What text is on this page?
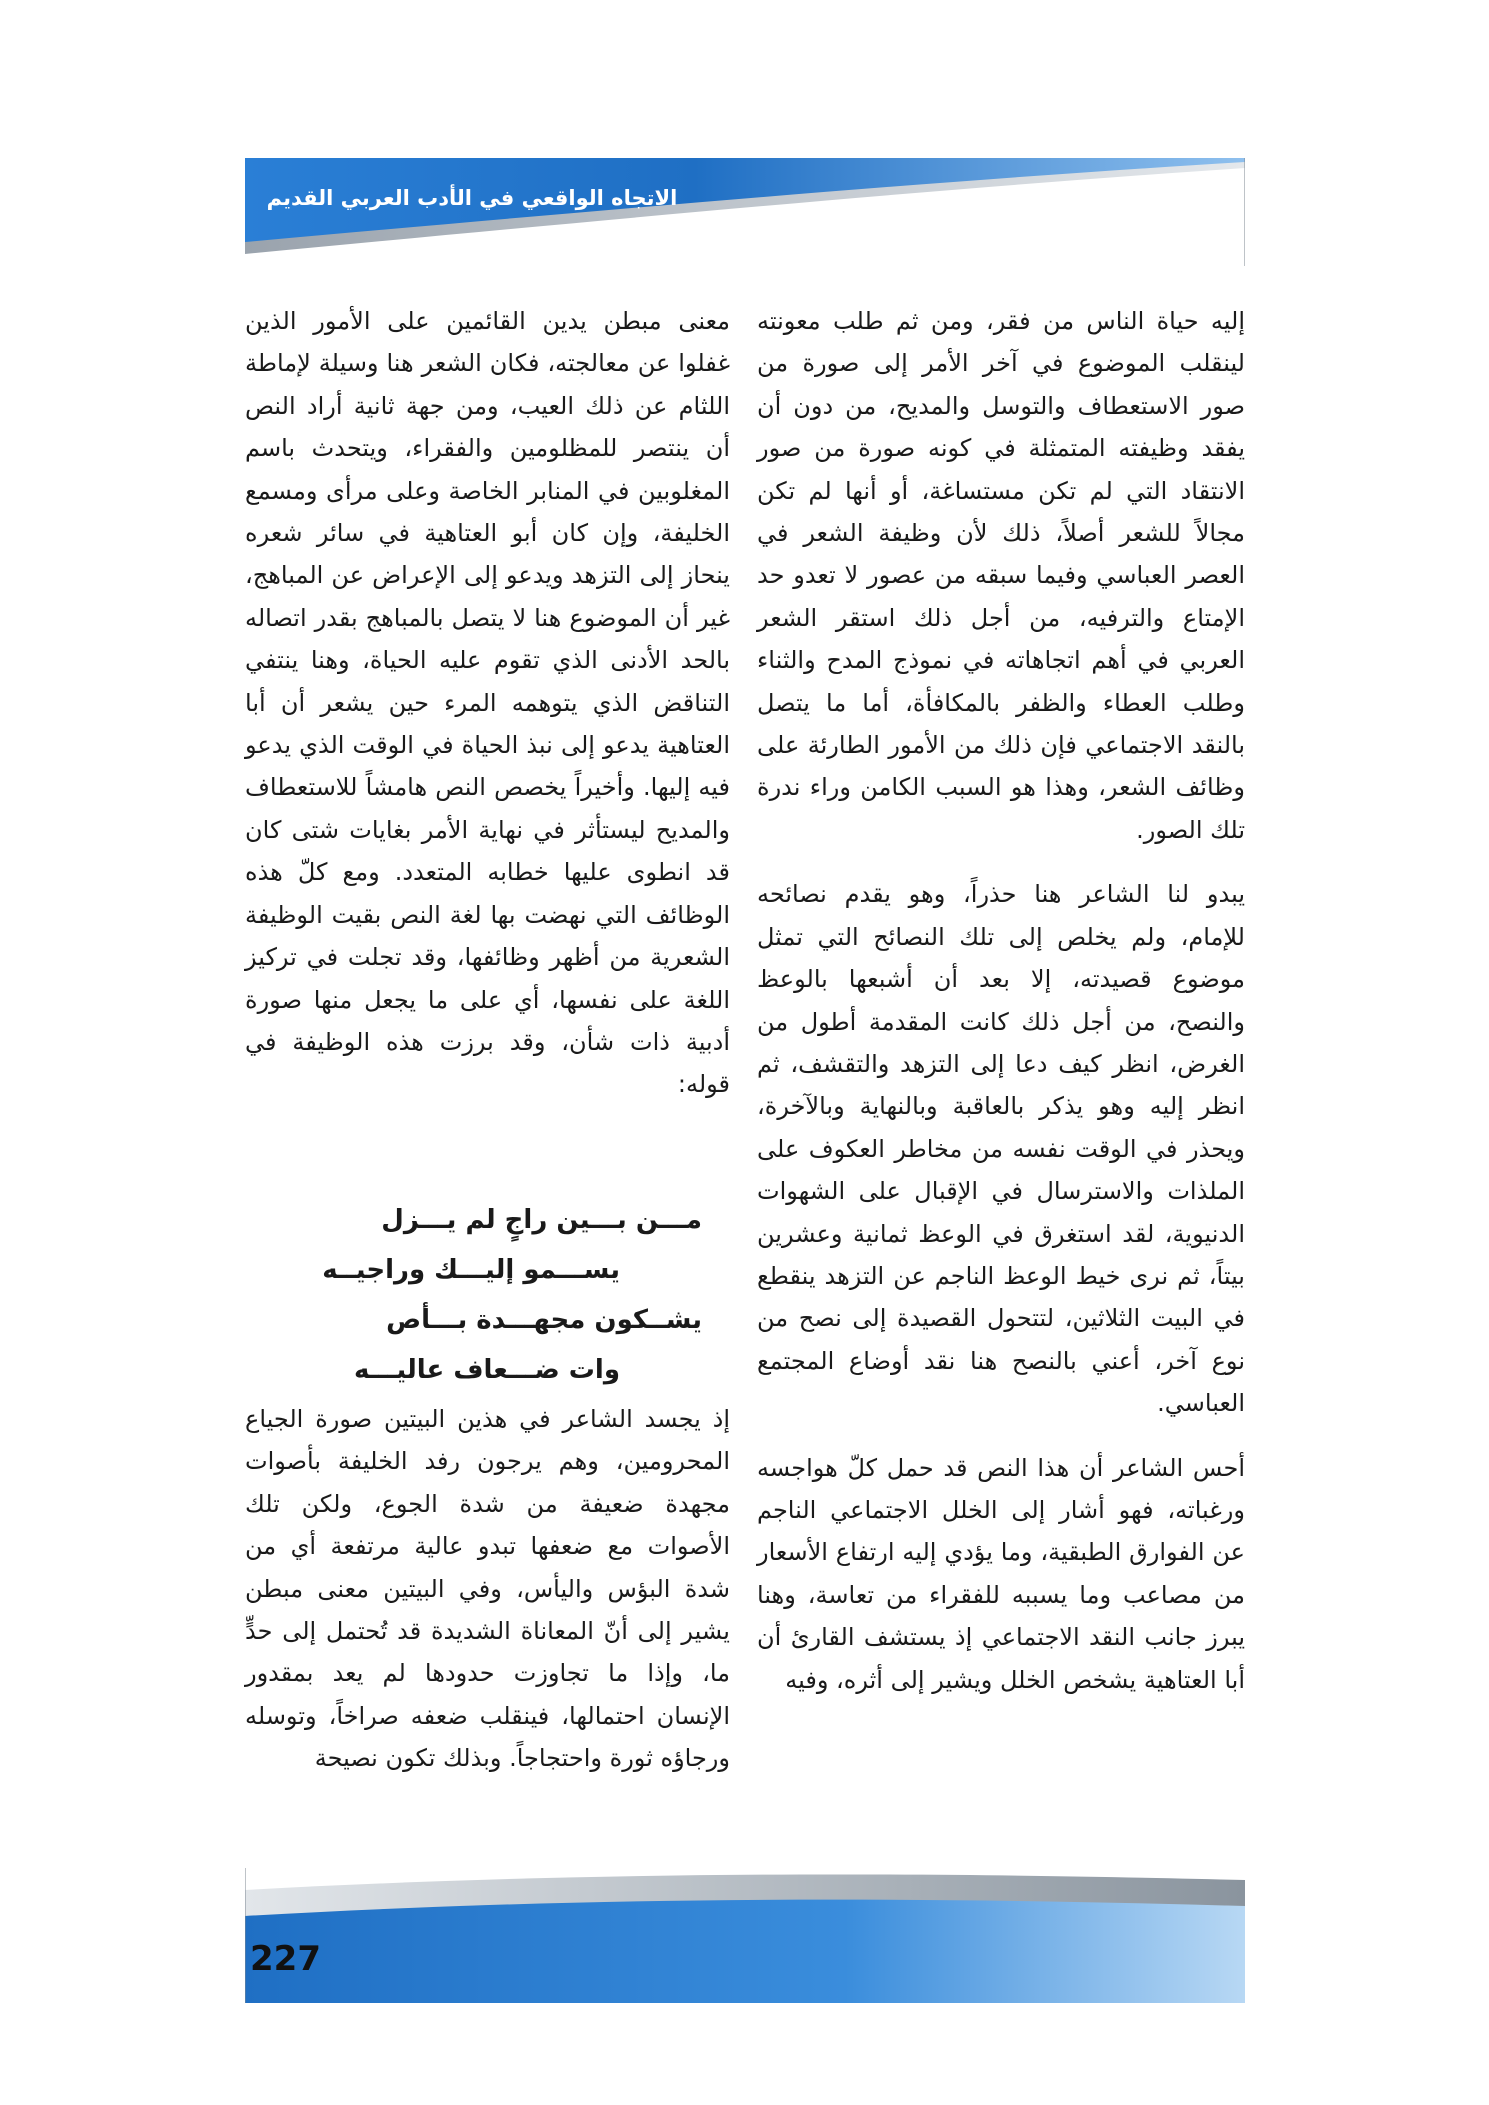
الاتجاه الواقعي في الأدب العربي القديم

إليه حياة الناس من فقر، ومن ثم طلب معونته لينقلب الموضوع في آخر الأمر إلى صورة من صور الاستعطاف والتوسل والمديح، من دون أن يفقد وظيفته المتمثلة في كونه صورة من صور الانتقاد التي لم تكن مستساغة، أو أنها لم تكن مجالاً للشعر أصلاً، ذلك لأن وظيفة الشعر في العصر العباسي وفيما سبقه من عصور لا تعدو حد الإمتاع والترفيه، من أجل ذلك استقر الشعر العربي في أهم اتجاهاته في نموذج المدح والثناء وطلب العطاء والظفر بالمكافأة، أما ما يتصل بالنقد الاجتماعي فإن ذلك من الأمور الطارئة على وظائف الشعر، وهذا هو السبب الكامن وراء ندرة تلك الصور.

يبدو لنا الشاعر هنا حذراً، وهو يقدم نصائحه للإمام، ولم يخلص إلى تلك النصائح التي تمثل موضوع قصيدته، إلا بعد أن أشبعها بالوعظ والنصح، من أجل ذلك كانت المقدمة أطول من الغرض، انظر كيف دعا إلى التزهد والتقشف، ثم انظر إليه وهو يذكر بالعاقبة وبالنهاية وبالآخرة، ويحذر في الوقت نفسه من مخاطر العكوف على الملذات والاسترسال في الإقبال على الشهوات الدنيوية، لقد استغرق في الوعظ ثمانية وعشرين بيتاً، ثم نرى خيط الوعظ الناجم عن التزهد ينقطع في البيت الثلاثين، لتتحول القصيدة إلى نصح من نوع آخر، أعني بالنصح هنا نقد أوضاع المجتمع العباسي.

أحس الشاعر أن هذا النص قد حمل كلّ هواجسه ورغباته، فهو أشار إلى الخلل الاجتماعي الناجم عن الفوارق الطبقية، وما يؤدي إليه ارتفاع الأسعار من مصاعب وما يسببه للفقراء من تعاسة، وهنا يبرز جانب النقد الاجتماعي إذ يستشف القارئ أن أبا العتاهية يشخص الخلل ويشير إلى أثره، وفيه

معنى مبطن يدين القائمين على الأمور الذين غفلوا عن معالجته، فكان الشعر هنا وسيلة لإماطة اللثام عن ذلك العيب، ومن جهة ثانية أراد النص أن ينتصر للمظلومين والفقراء، ويتحدث باسم المغلوبين في المنابر الخاصة وعلى مرأى ومسمع الخليفة، وإن كان أبو العتاهية في سائر شعره ينحاز إلى التزهد ويدعو إلى الإعراض عن المباهج، غير أن الموضوع هنا لا يتصل بالمباهج بقدر اتصاله بالحد الأدنى الذي تقوم عليه الحياة، وهنا ينتفي التناقض الذي يتوهمه المرء حين يشعر أن أبا العتاهية يدعو إلى نبذ الحياة في الوقت الذي يدعو فيه إليها. وأخيراً يخصص النص هامشاً للاستعطاف والمديح ليستأثر في نهاية الأمر بغايات شتى كان قد انطوى عليها خطابه المتعدد. ومع كلّ هذه الوظائف التي نهضت بها لغة النص بقيت الوظيفة الشعرية من أظهر وظائفها، وقد تجلت في تركيز اللغة على نفسها، أي على ما يجعل منها صورة أدبية ذات شأن، وقد برزت هذه الوظيفة في قوله:

مـــن بـــين راجٍ لم يـــزل
يســـمو إليـــك وراجيــه
يشــكون مجهـــدة بـــأص
وات ضـــعاف عاليـــه

إذ يجسد الشاعر في هذين البيتين صورة الجياع المحرومين، وهم يرجون رفد الخليفة بأصوات مجهدة ضعيفة من شدة الجوع، ولكن تلك الأصوات مع ضعفها تبدو عالية مرتفعة أي من شدة البؤس واليأس، وفي البيتين معنى مبطن يشير إلى أنّ المعاناة الشديدة قد تُحتمل إلى حدٍّ ما، وإذا ما تجاوزت حدودها لم يعد بمقدور الإنسان احتمالها، فينقلب ضعفه صراخاً، وتوسله ورجاؤه ثورة واحتجاجاً. وبذلك تكون نصيحة

227
